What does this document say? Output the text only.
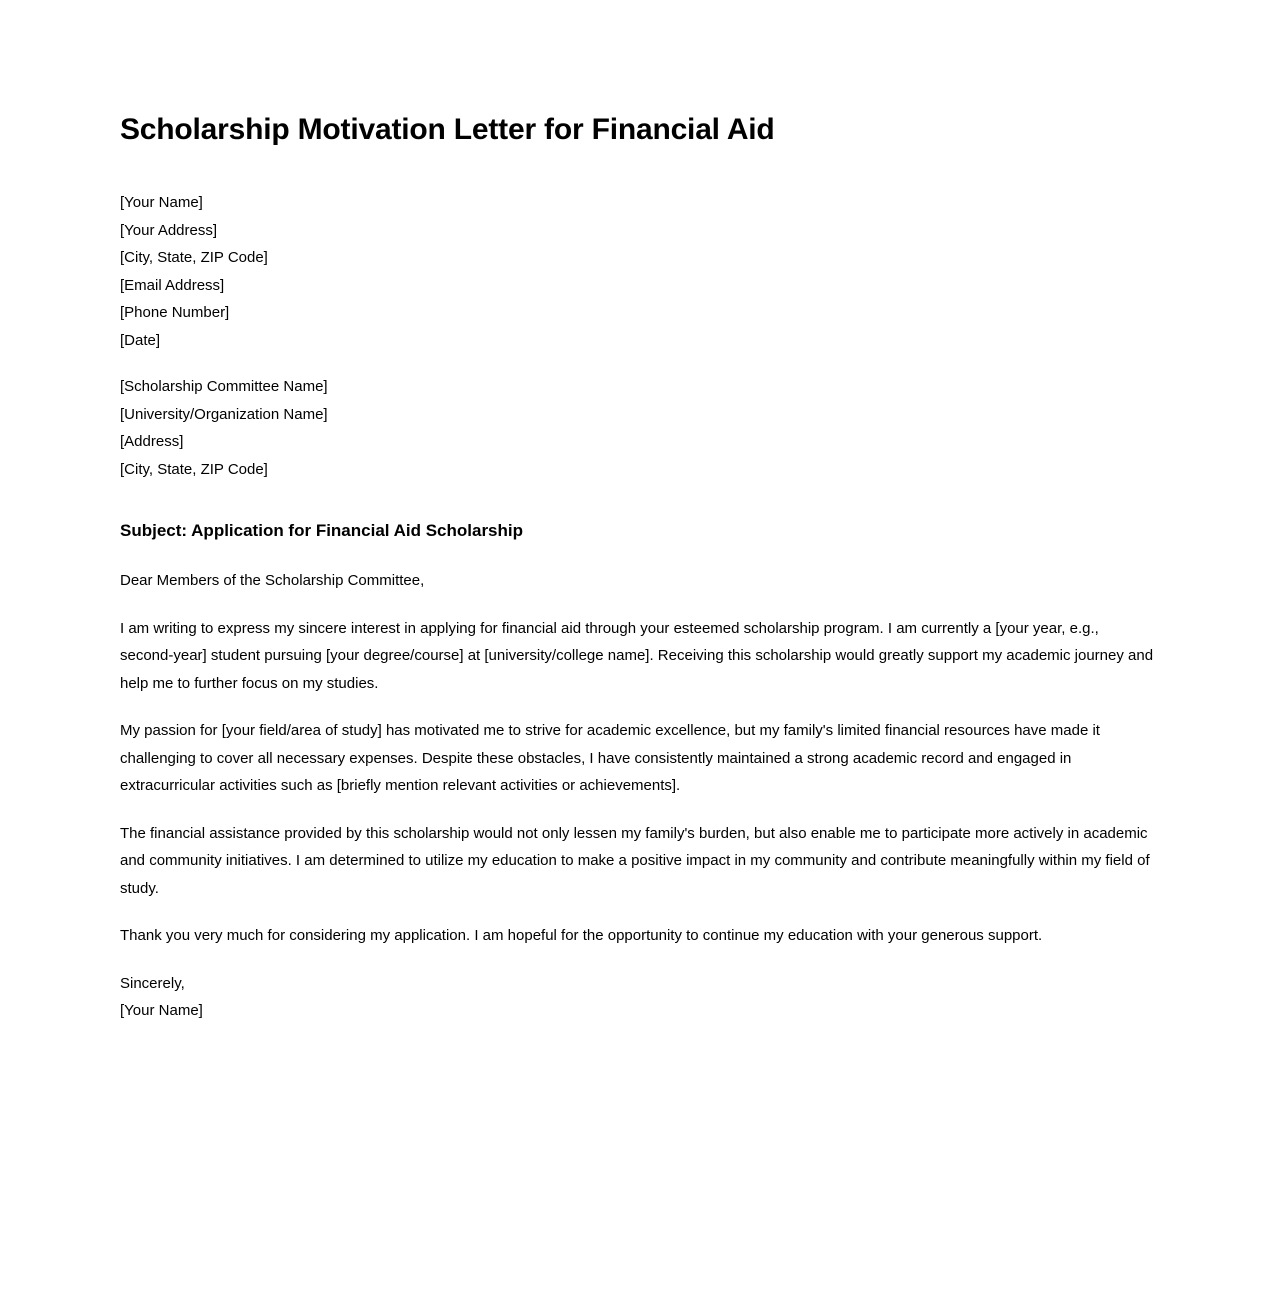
Scholarship Motivation Letter for Financial Aid
[Your Name]
[Your Address]
[City, State, ZIP Code]
[Email Address]
[Phone Number]
[Date]
[Scholarship Committee Name]
[University/Organization Name]
[Address]
[City, State, ZIP Code]
Subject: Application for Financial Aid Scholarship

Dear Members of the Scholarship Committee,

I am writing to express my sincere interest in applying for financial aid through your esteemed scholarship program. I am currently a [your year, e.g., second-year] student pursuing [your degree/course] at [university/college name]. Receiving this scholarship would greatly support my academic journey and help me to further focus on my studies.

My passion for [your field/area of study] has motivated me to strive for academic excellence, but my family's limited financial resources have made it challenging to cover all necessary expenses. Despite these obstacles, I have consistently maintained a strong academic record and engaged in extracurricular activities such as [briefly mention relevant activities or achievements].

The financial assistance provided by this scholarship would not only lessen my family's burden, but also enable me to participate more actively in academic and community initiatives. I am determined to utilize my education to make a positive impact in my community and contribute meaningfully within my field of study.

Thank you very much for considering my application. I am hopeful for the opportunity to continue my education with your generous support.

Sincerely,
[Your Name]
